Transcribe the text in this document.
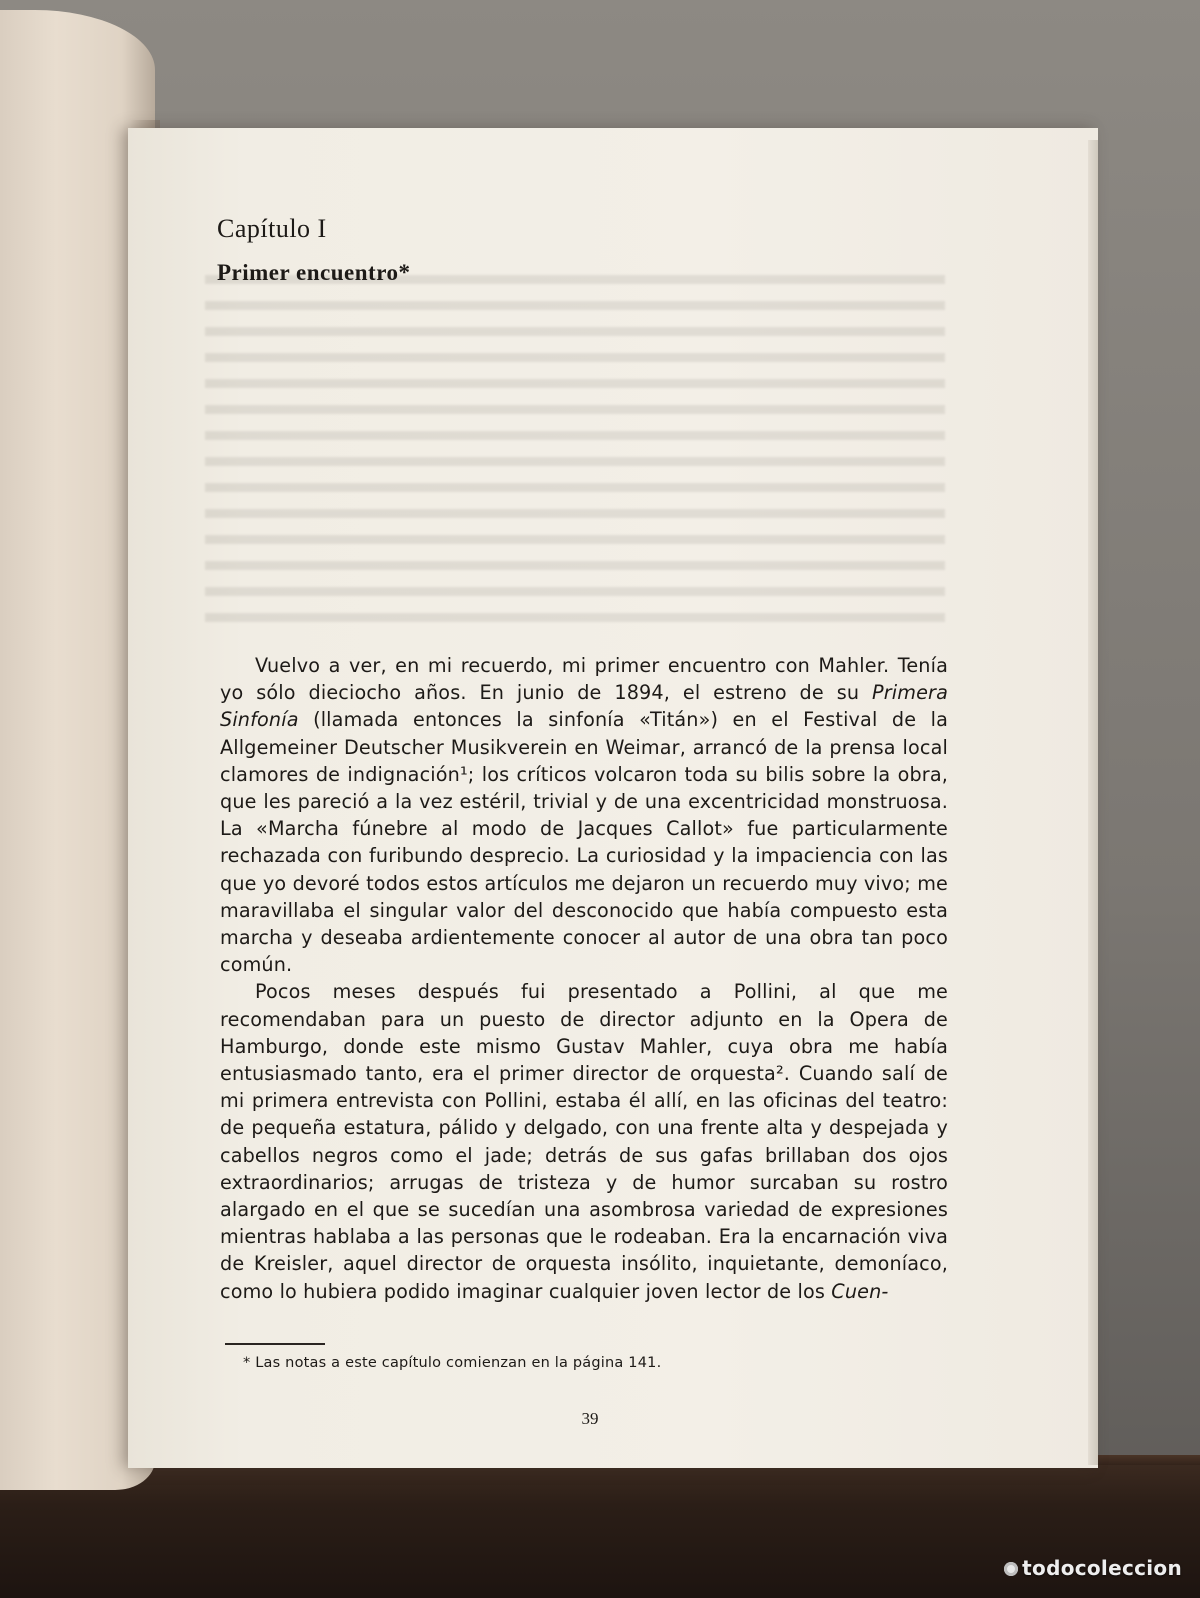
Capítulo I
Primer encuentro*

Vuelvo a ver, en mi recuerdo, mi primer encuentro con Mahler. Tenía yo sólo dieciocho años. En junio de 1894, el estreno de su Primera Sinfonía (llamada entonces la sinfonía «Titán») en el Festival de la Allgemeiner Deutscher Musikverein en Weimar, arrancó de la prensa local clamores de indignación¹; los críticos volcaron toda su bilis sobre la obra, que les pareció a la vez estéril, trivial y de una excentricidad monstruosa. La «Marcha fúnebre al modo de Jacques Callot» fue particularmente rechazada con furibundo desprecio. La curiosidad y la impaciencia con las que yo devoré todos estos artículos me dejaron un recuerdo muy vivo; me maravillaba el singular valor del desconocido que había compuesto esta marcha y deseaba ardientemente conocer al autor de una obra tan poco común.

Pocos meses después fui presentado a Pollini, al que me recomendaban para un puesto de director adjunto en la Opera de Hamburgo, donde este mismo Gustav Mahler, cuya obra me había entusiasmado tanto, era el primer director de orquesta². Cuando salí de mi primera entrevista con Pollini, estaba él allí, en las oficinas del teatro: de pequeña estatura, pálido y delgado, con una frente alta y despejada y cabellos negros como el jade; detrás de sus gafas brillaban dos ojos extraordinarios; arrugas de tristeza y de humor surcaban su rostro alargado en el que se sucedían una asombrosa variedad de expresiones mientras hablaba a las personas que le rodeaban. Era la encarnación viva de Kreisler, aquel director de orquesta insólito, inquietante, demoníaco, como lo hubiera podido imaginar cualquier joven lector de los Cuen-

* Las notas a este capítulo comienzan en la página 141.
39
todocoleccion
